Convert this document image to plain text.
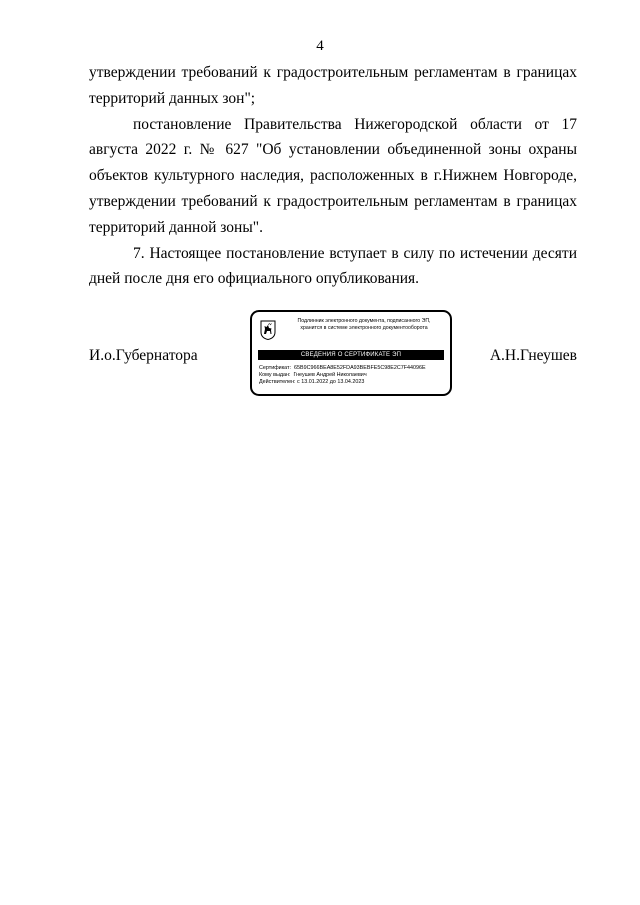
4

утверждении требований к градостроительным регламентам в границах территорий данных зон";

постановление Правительства Нижегородской области от 17 августа 2022 г. № 627 "Об установлении объединенной зоны охраны объектов культурного наследия, расположенных в г.Нижнем Новгороде, утверждении требований к градостроительным регламентам в границах территорий данной зоны".

7. Настоящее постановление вступает в силу по истечении десяти дней после дня его официального опубликования.

И.о.Губернатора
Подлинник электронного документа, подписанного ЭП,
хранится в системе электронного документооборота
СВЕДЕНИЯ О СЕРТИФИКАТЕ ЭП
Сертификат: 65B9C966BEA8E52FDA93BEBFE5C98E2C7F44096E
Кому выдан: Гнеушев Андрей Николаевич
Действителен: с 13.01.2022 до 13.04.2023
А.Н.Гнеушев
